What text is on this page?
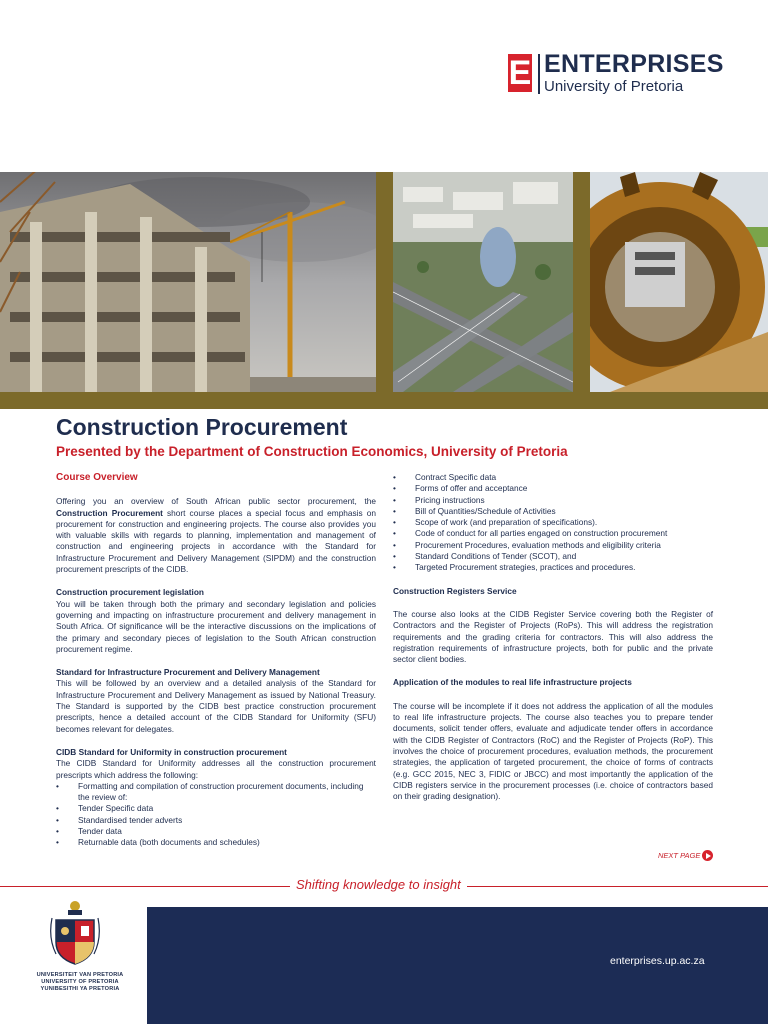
E ENTERPRISES
University of Pretoria
Construction Procurement
Presented by the Department of Construction Economics, University of Pretoria
Course Overview

Offering you an overview of South African public sector procurement, the Construction Procurement short course places a special focus and emphasis on procurement for construction and engineering projects. The course also provides you with valuable skills with regards to planning, implementation and management of construction and engineering projects in accordance with the Standard for Infrastructure Procurement and Delivery Management (SIPDM) and the construction procurement prescripts of the CIDB.

Construction procurement legislation

You will be taken through both the primary and secondary legislation and policies governing and impacting on infrastructure procurement and delivery management in South Africa. Of significance will be the interactive discussions on the implications of the primary and secondary pieces of legislation to the South African construction procurement regime.

Standard for Infrastructure Procurement and Delivery Management

This will be followed by an overview and a detailed analysis of the Standard for Infrastructure Procurement and Delivery Management as issued by National Treasury. The Standard is supported by the CIDB best practice construction procurement prescripts, hence a detailed account of the CIDB Standard for Uniformity (SFU) becomes relevant for delegates.

CIDB Standard for Uniformity in construction procurement

The CIDB Standard for Uniformity addresses all the construction procurement prescripts which address the following:

• Formatting and compilation of construction procurement documents, including the review of:
• Tender Specific data
• Standardised tender adverts
• Tender data
• Returnable data (both documents and schedules)
• Contract Specific data
• Forms of offer and acceptance
• Pricing instructions
• Bill of Quantities/Schedule of Activities
• Scope of work (and preparation of specifications).
• Code of conduct for all parties engaged on construction procurement
• Procurement Procedures, evaluation methods and eligibility criteria
• Standard Conditions of Tender (SCOT), and
• Targeted Procurement strategies, practices and procedures.

Construction Registers Service

The course also looks at the CIDB Register Service covering both the Register of Contractors and the Register of Projects (RoPs). This will address the registration requirements and the grading criteria for contractors. This will also address the registration requirements of infrastructure projects, both for public and the private sector client bodies.

Application of the modules to real life infrastructure projects

The course will be incomplete if it does not address the application of all the modules to real life infrastructure projects. The course also teaches you to prepare tender documents, solicit tender offers, evaluate and adjudicate tender offers in accordance with the CIDB Register of Contractors (RoC) and the Register of Projects (RoP). This involves the choice of procurement procedures, evaluation methods, the procurement strategies, the application of targeted procurement, the choice of forms of contracts (e.g. GCC 2015, NEC 3, FIDIC or JBCC) and most importantly the application of the CIDB registers service in the procurement processes (i.e. choice of contractors based on their grading designation).

NEXT PAGE
Shifting knowledge to insight
UNIVERSITEIT VAN PRETORIA
UNIVERSITY OF PRETORIA
YUNIBESITHI YA PRETORIA
enterprises.up.ac.za
